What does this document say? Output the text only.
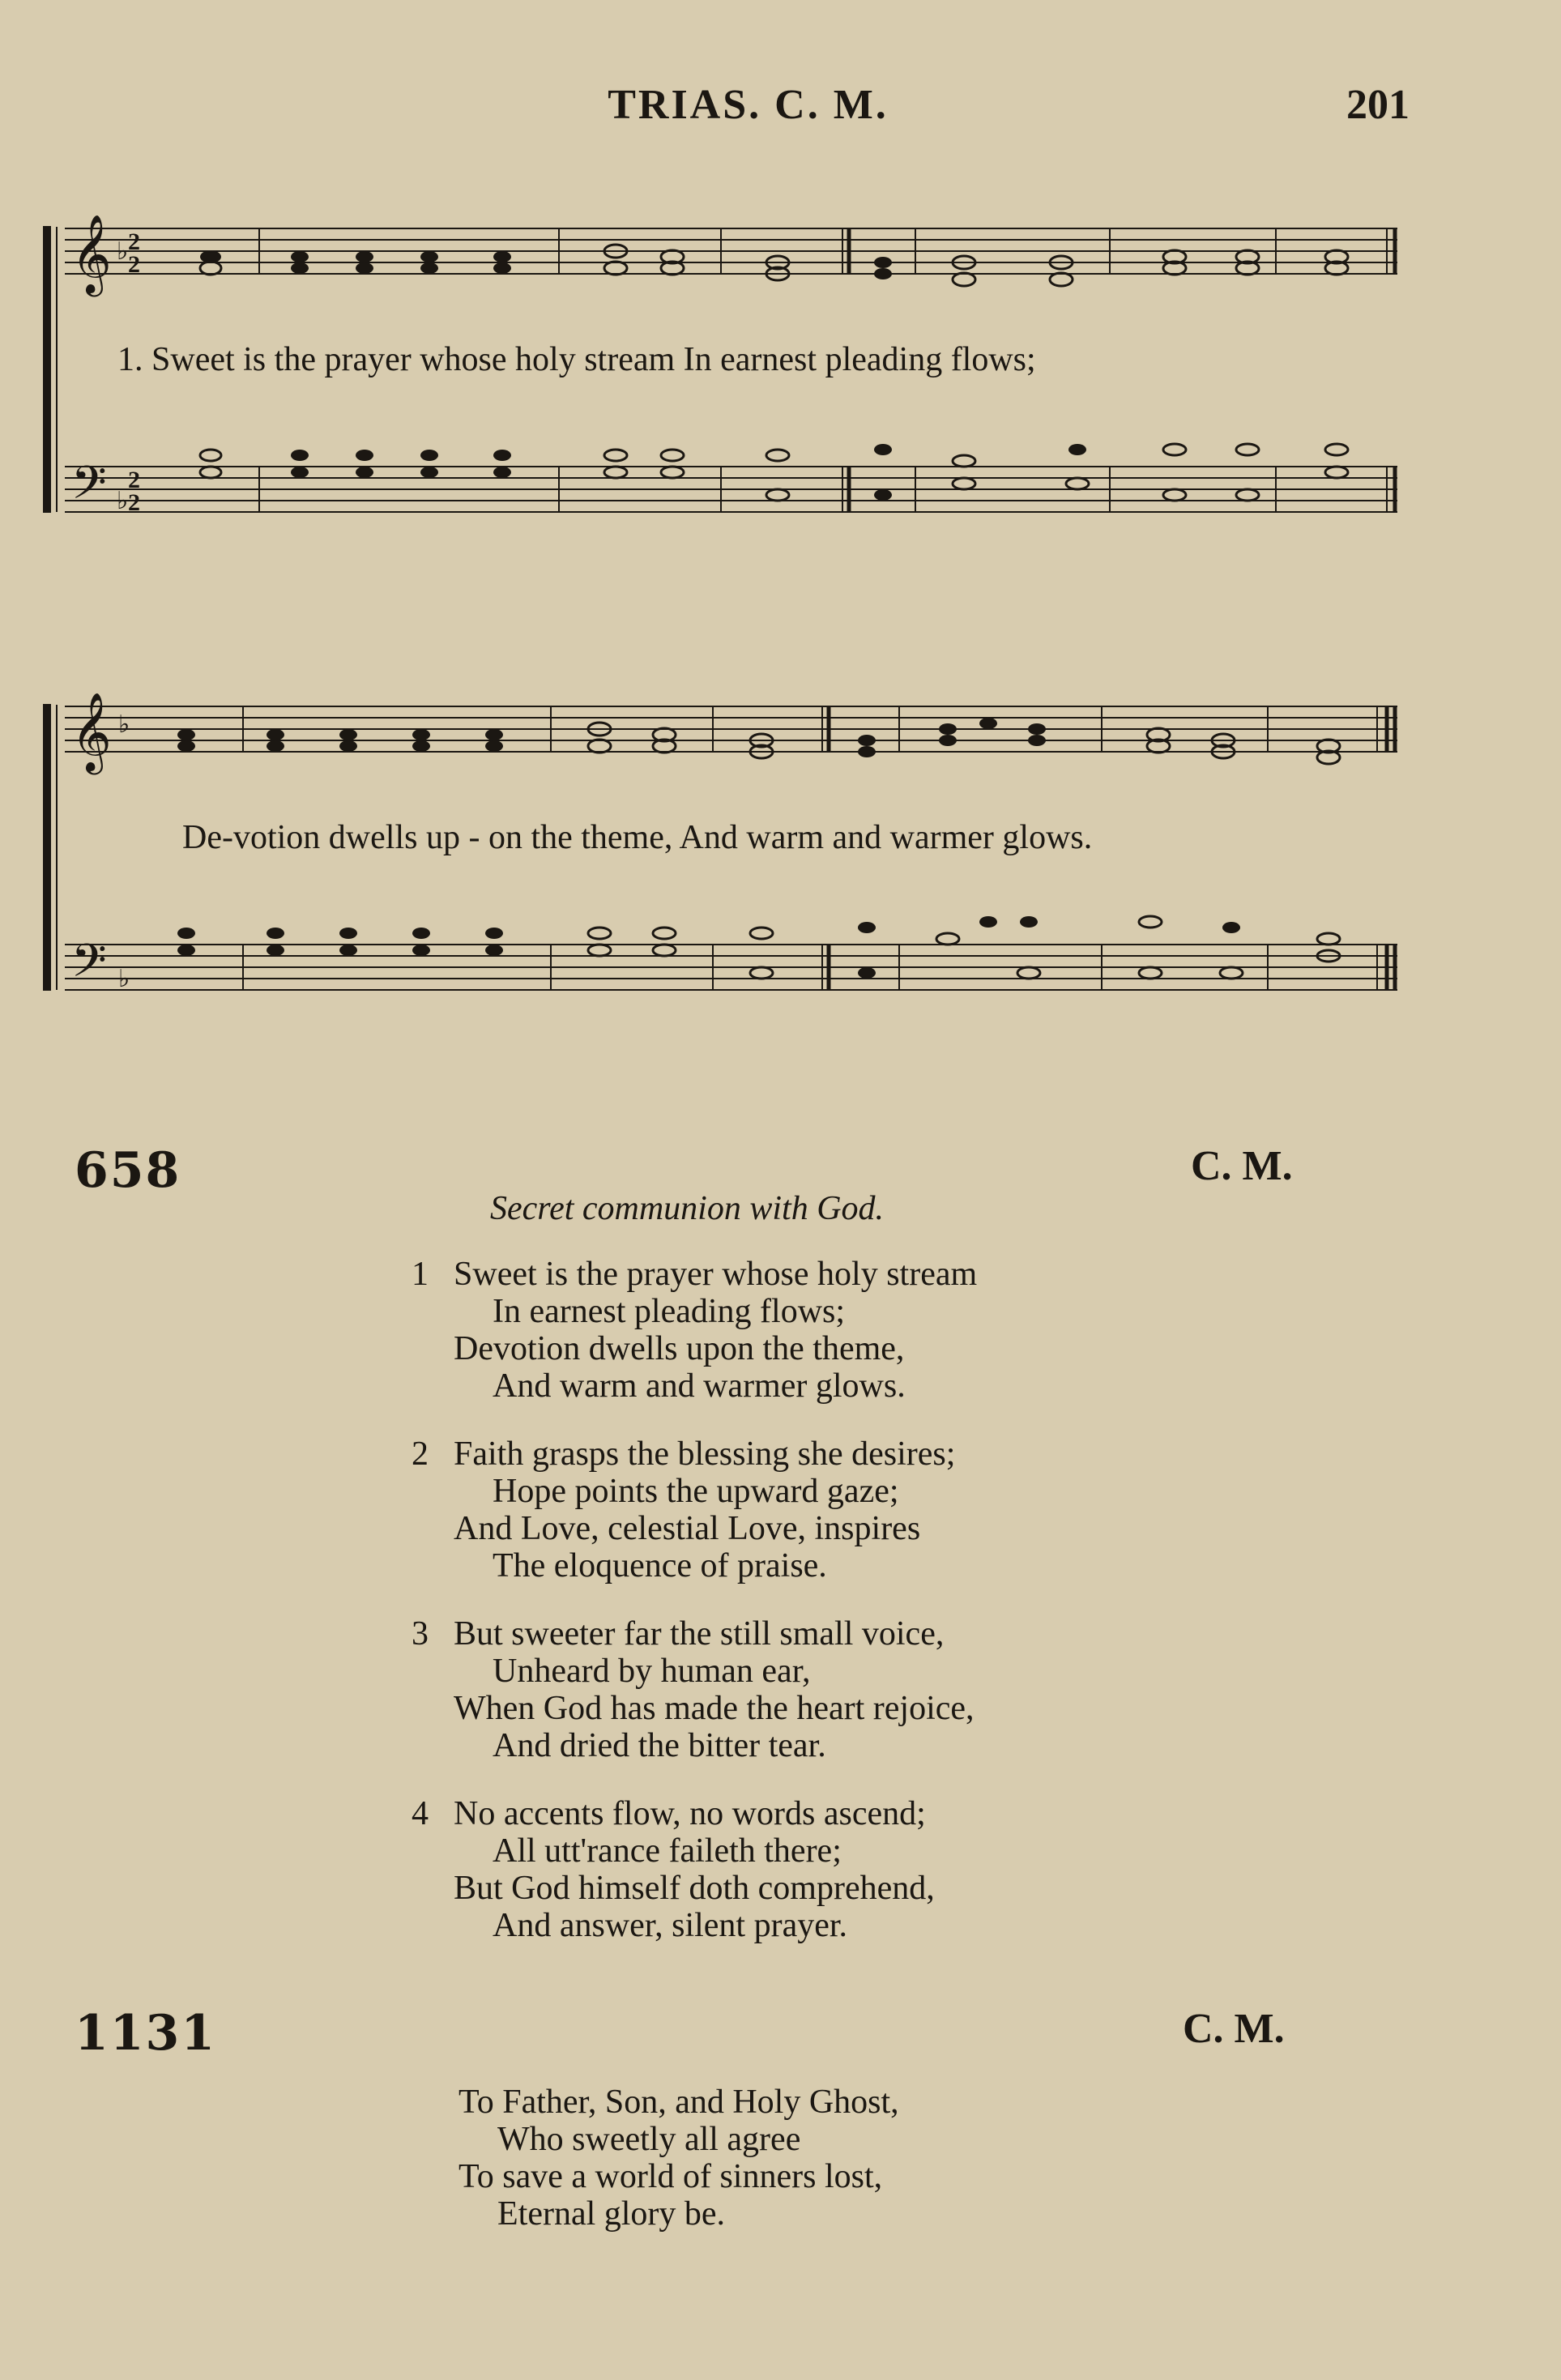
TRIAS. C. M.	201
𝄞 2
2
♭
𝄢 2
2
♭
1. Sweet is the prayer whose holy stream In earnest pleading flows;
𝄞 ♭
𝄢 ♭
De-votion dwells up - on the theme, And warm and warmer glows.
658	C. M.
Secret communion with God.
1 Sweet is the prayer whose holy stream
In earnest pleading flows;
Devotion dwells upon the theme,
And warm and warmer glows.
2 Faith grasps the blessing she desires;
Hope points the upward gaze;
And Love, celestial Love, inspires
The eloquence of praise.
3 But sweeter far the still small voice,
Unheard by human ear,
When God has made the heart rejoice,
And dried the bitter tear.
4 No accents flow, no words ascend;
All utt'rance faileth there;
But God himself doth comprehend,
And answer, silent prayer.
1131	C. M.
To Father, Son, and Holy Ghost,
Who sweetly all agree
To save a world of sinners lost,
Eternal glory be.
